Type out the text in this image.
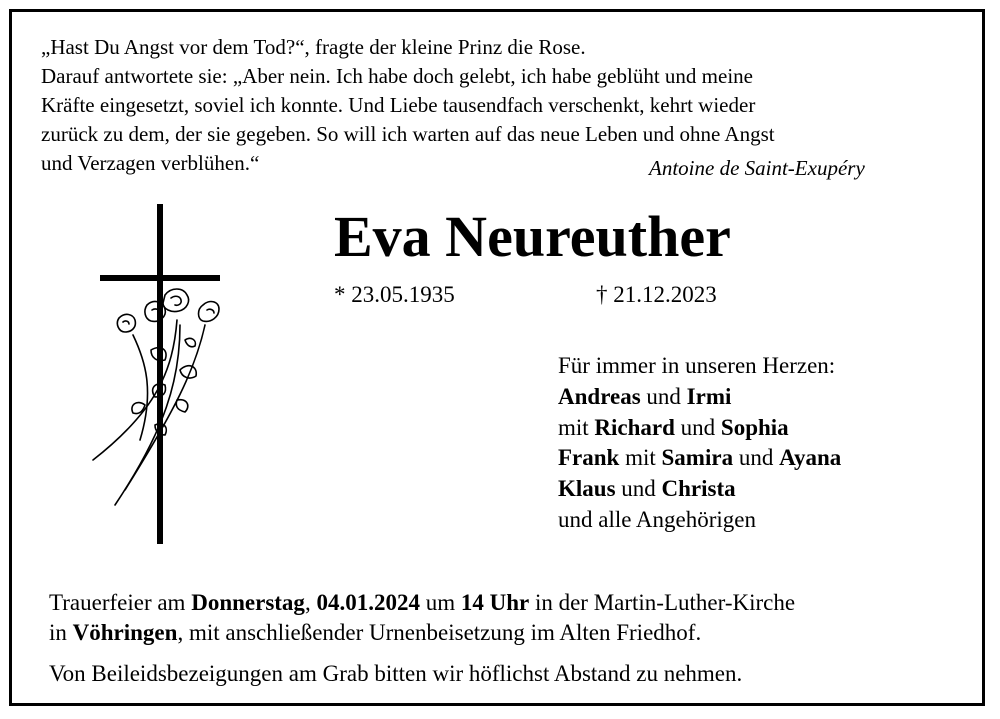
„Hast Du Angst vor dem Tod?“, fragte der kleine Prinz die Rose.
Darauf antwortete sie: „Aber nein. Ich habe doch gelebt, ich habe geblüht und meine
Kräfte eingesetzt, soviel ich konnte. Und Liebe tausendfach verschenkt, kehrt wieder
zurück zu dem, der sie gegeben. So will ich warten auf das neue Leben und ohne Angst
und Verzagen verblühen.“	Antoine de Saint-Exupéry
Eva Neureuther
* 23.05.1935	† 21.12.2023
Für immer in unseren Herzen:
Andreas und Irmi
mit Richard und Sophia
Frank mit Samira und Ayana
Klaus und Christa
und alle Angehörigen
Trauerfeier am Donnerstag, 04.01.2024 um 14 Uhr in der Martin-Luther-Kirche
in Vöhringen, mit anschließender Urnenbeisetzung im Alten Friedhof.
Von Beileidsbezeigungen am Grab bitten wir höflichst Abstand zu nehmen.
